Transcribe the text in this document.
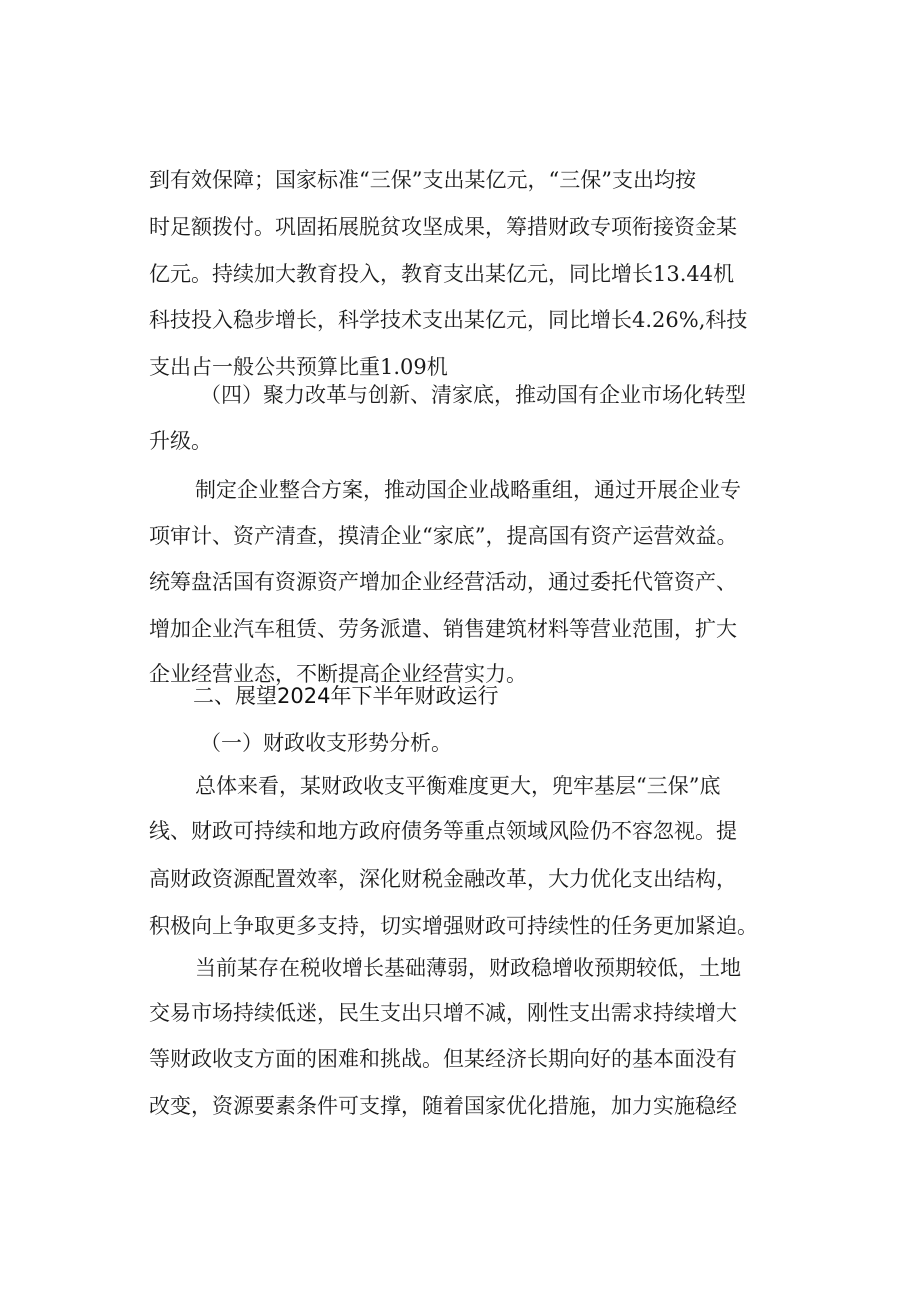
到有效保障；国家标准“三保”支出某亿元，“三保”支出均按
时足额拨付。巩固拓展脱贫攻坚成果，筹措财政专项衔接资金某
亿元。持续加大教育投入，教育支出某亿元，同比增长13.44机
科技投入稳步增长，科学技术支出某亿元，同比增长4.26%,科技
支出占一般公共预算比重1.09机
（四）聚力改革与创新、清家底，推动国有企业市场化转型
升级。
制定企业整合方案，推动国企业战略重组，通过开展企业专
项审计、资产清查，摸清企业“家底”，提高国有资产运营效益。
统筹盘活国有资源资产增加企业经营活动，通过委托代管资产、
增加企业汽车租赁、劳务派遣、销售建筑材料等营业范围，扩大
企业经营业态，不断提高企业经营实力。
二、展望2024年下半年财政运行
（一）财政收支形势分析。
总体来看，某财政收支平衡难度更大，兜牢基层“三保”底
线、财政可持续和地方政府债务等重点领域风险仍不容忽视。提
高财政资源配置效率，深化财税金融改革，大力优化支出结构，
积极向上争取更多支持，切实增强财政可持续性的任务更加紧迫。
当前某存在税收增长基础薄弱，财政稳增收预期较低，土地
交易市场持续低迷，民生支出只增不减，刚性支出需求持续增大
等财政收支方面的困难和挑战。但某经济长期向好的基本面没有
改变，资源要素条件可支撑，随着国家优化措施，加力实施稳经
